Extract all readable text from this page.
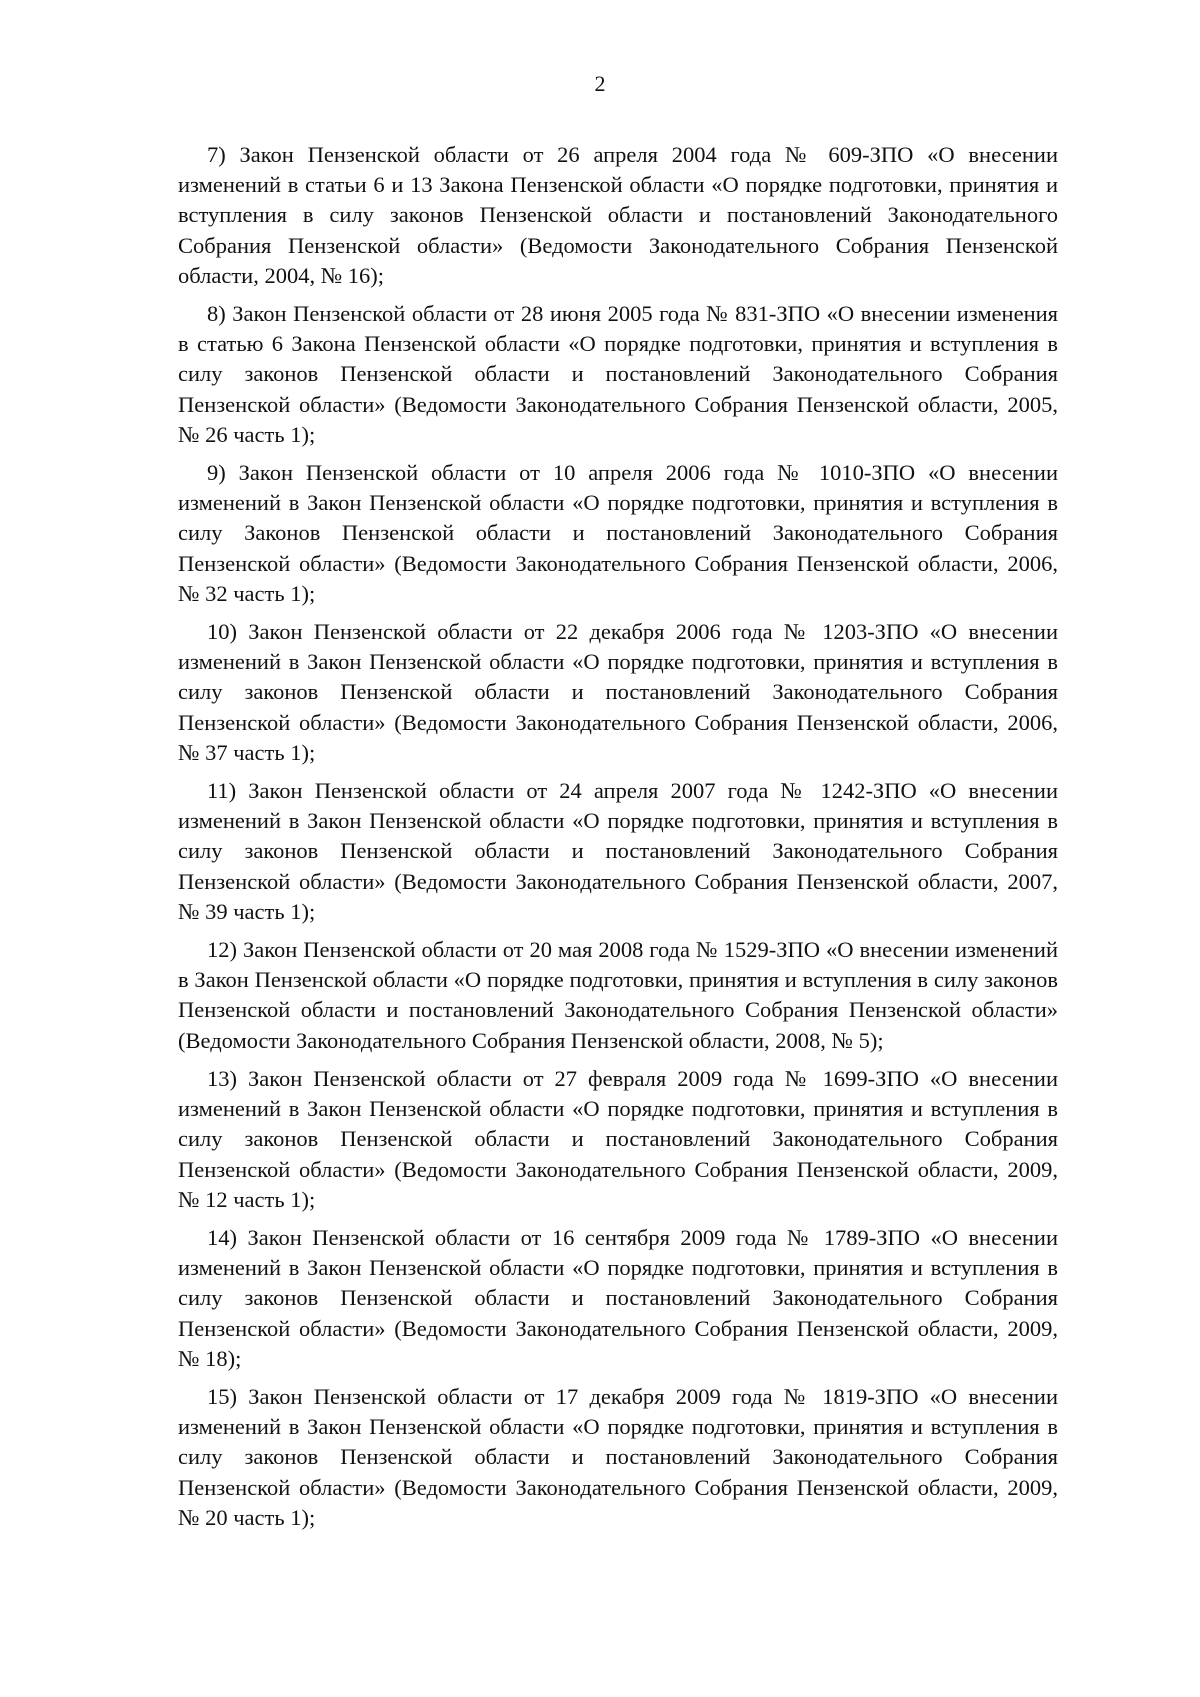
2

7) Закон Пензенской области от 26 апреля 2004 года № 609-ЗПО «О внесении изменений в статьи 6 и 13 Закона Пензенской области «О порядке подготовки, принятия и вступления в силу законов Пензенской области и постановлений Законодательного Собрания Пензенской области» (Ведомости Законодательного Собрания Пензенской области, 2004, № 16);

8) Закон Пензенской области от 28 июня 2005 года № 831-ЗПО «О внесении изменения в статью 6 Закона Пензенской области «О порядке подготовки, принятия и вступления в силу законов Пензенской области и постановлений Законодательного Собрания Пензенской области» (Ведомости Законодательного Собрания Пензенской области, 2005, № 26 часть 1);

9) Закон Пензенской области от 10 апреля 2006 года № 1010-ЗПО «О внесении изменений в Закон Пензенской области «О порядке подготовки, принятия и вступления в силу Законов Пензенской области и постановлений Законодательного Собрания Пензенской области» (Ведомости Законодательного Собрания Пензенской области, 2006, № 32 часть 1);

10) Закон Пензенской области от 22 декабря 2006 года № 1203-ЗПО «О внесении изменений в Закон Пензенской области «О порядке подготовки, принятия и вступления в силу законов Пензенской области и постановлений Законодательного Собрания Пензенской области» (Ведомости Законодательного Собрания Пензенской области, 2006, № 37 часть 1);

11) Закон Пензенской области от 24 апреля 2007 года № 1242-ЗПО «О внесении изменений в Закон Пензенской области «О порядке подготовки, принятия и вступления в силу законов Пензенской области и постановлений Законодательного Собрания Пензенской области» (Ведомости Законодательного Собрания Пензенской области, 2007, № 39 часть 1);

12) Закон Пензенской области от 20 мая 2008 года № 1529-ЗПО «О внесении изменений в Закон Пензенской области «О порядке подготовки, принятия и вступления в силу законов Пензенской области и постановлений Законодательного Собрания Пензенской области» (Ведомости Законодательного Собрания Пензенской области, 2008, № 5);

13) Закон Пензенской области от 27 февраля 2009 года № 1699-ЗПО «О внесении изменений в Закон Пензенской области «О порядке подготовки, принятия и вступления в силу законов Пензенской области и постановлений Законодательного Собрания Пензенской области» (Ведомости Законодательного Собрания Пензенской области, 2009, № 12 часть 1);

14) Закон Пензенской области от 16 сентября 2009 года № 1789-ЗПО «О внесении изменений в Закон Пензенской области «О порядке подготовки, принятия и вступления в силу законов Пензенской области и постановлений Законодательного Собрания Пензенской области» (Ведомости Законодательного Собрания Пензенской области, 2009, № 18);

15) Закон Пензенской области от 17 декабря 2009 года № 1819-ЗПО «О внесении изменений в Закон Пензенской области «О порядке подготовки, принятия и вступления в силу законов Пензенской области и постановлений Законодательного Собрания Пензенской области» (Ведомости Законодательного Собрания Пензенской области, 2009, № 20 часть 1);
